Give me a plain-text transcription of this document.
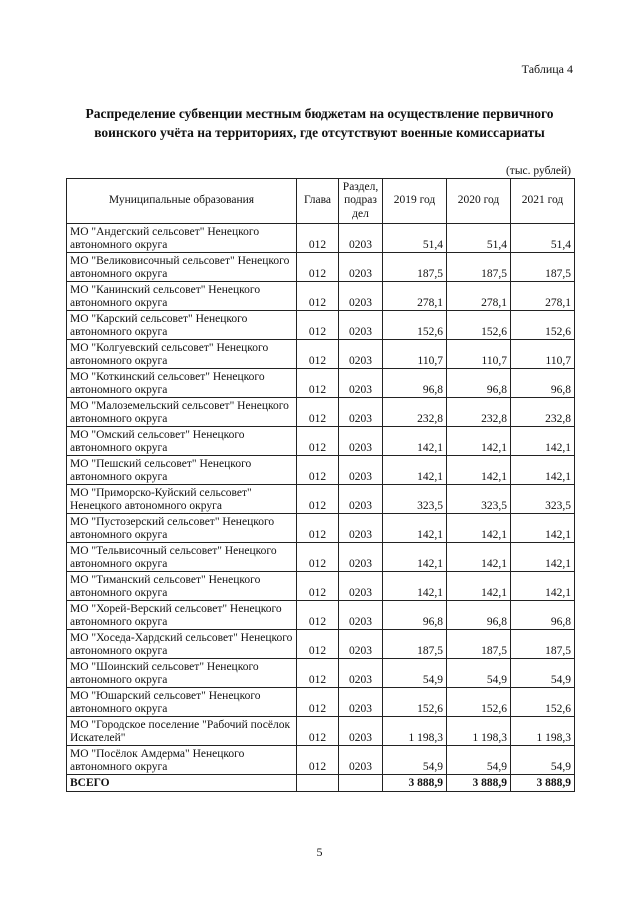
Таблица 4
Распределение субвенции местным бюджетам на осуществление первичного
воинского учёта на территориях, где отсутствуют военные комиссариаты
(тыс. рублей)
Муниципальные образования	Глава	Раздел,
подраз
дел	2019 год	2020 год	2021 год

МО "Андегский сельсовет" Ненецкого
автономного округа	012	0203	51,4	51,4	51,4

МО "Великовисочный сельсовет" Ненецкого
автономного округа	012	0203	187,5	187,5	187,5

МО "Канинский сельсовет" Ненецкого
автономного округа	012	0203	278,1	278,1	278,1

МО "Карский сельсовет" Ненецкого
автономного округа	012	0203	152,6	152,6	152,6

МО "Колгуевский сельсовет" Ненецкого
автономного округа	012	0203	110,7	110,7	110,7

МО "Коткинский сельсовет" Ненецкого
автономного округа	012	0203	96,8	96,8	96,8

МО "Малоземельский сельсовет" Ненецкого
автономного округа	012	0203	232,8	232,8	232,8

МО "Омский сельсовет" Ненецкого
автономного округа	012	0203	142,1	142,1	142,1

МО "Пешский сельсовет" Ненецкого
автономного округа	012	0203	142,1	142,1	142,1

МО "Приморско-Куйский сельсовет"
Ненецкого автономного округа	012	0203	323,5	323,5	323,5

МО "Пустозерский сельсовет" Ненецкого
автономного округа	012	0203	142,1	142,1	142,1

МО "Тельвисочный сельсовет" Ненецкого
автономного округа	012	0203	142,1	142,1	142,1

МО "Тиманский сельсовет" Ненецкого
автономного округа	012	0203	142,1	142,1	142,1

МО "Хорей-Верский сельсовет" Ненецкого
автономного округа	012	0203	96,8	96,8	96,8

МО "Хоседа-Хардский сельсовет" Ненецкого
автономного округа	012	0203	187,5	187,5	187,5

МО "Шоинский сельсовет" Ненецкого
автономного округа	012	0203	54,9	54,9	54,9

МО "Юшарский сельсовет" Ненецкого
автономного округа	012	0203	152,6	152,6	152,6

МО "Городское поселение "Рабочий посёлок
Искателей"	012	0203	1 198,3	1 198,3	1 198,3

МО "Посёлок Амдерма" Ненецкого
автономного округа	012	0203	54,9	54,9	54,9
ВСЕГО			3 888,9	3 888,9	3 888,9
5
